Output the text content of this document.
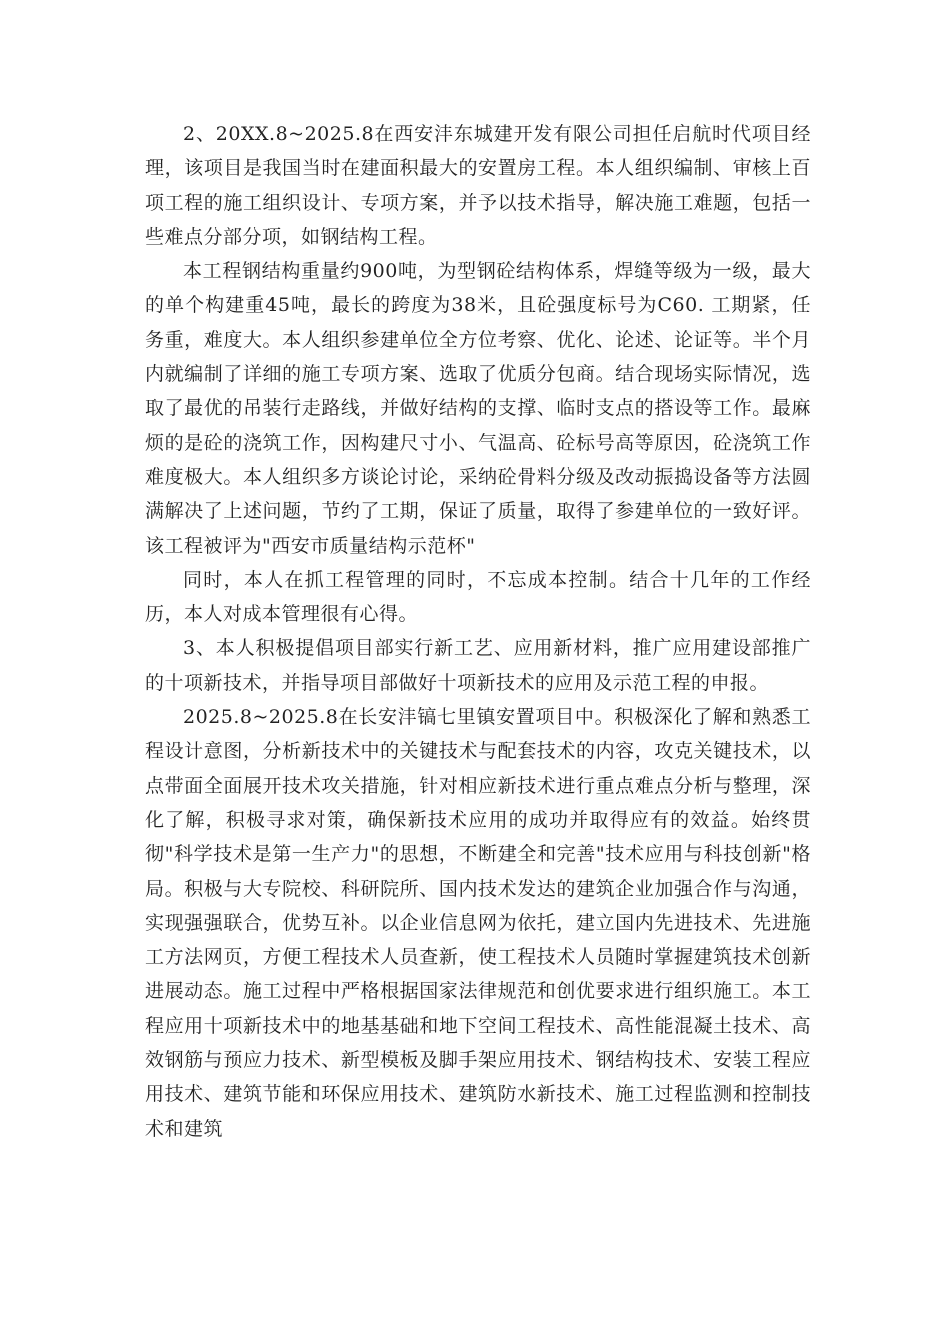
2、20XX.8~2025.8在西安沣东城建开发有限公司担任启航时代项目经理，该项目是我国当时在建面积最大的安置房工程。本人组织编制、审核上百项工程的施工组织设计、专项方案，并予以技术指导，解决施工难题，包括一些难点分部分项，如钢结构工程。

本工程钢结构重量约900吨，为型钢砼结构体系，焊缝等级为一级，最大的单个构建重45吨，最长的跨度为38米，且砼强度标号为C60. 工期紧，任务重，难度大。本人组织参建单位全方位考察、优化、论述、论证等。半个月内就编制了详细的施工专项方案、选取了优质分包商。结合现场实际情况，选取了最优的吊装行走路线，并做好结构的支撑、临时支点的搭设等工作。最麻烦的是砼的浇筑工作，因构建尺寸小、气温高、砼标号高等原因，砼浇筑工作难度极大。本人组织多方谈论讨论，采纳砼骨料分级及改动振捣设备等方法圆满解决了上述问题，节约了工期，保证了质量，取得了参建单位的一致好评。该工程被评为"西安市质量结构示范杯"

同时，本人在抓工程管理的同时，不忘成本控制。结合十几年的工作经历，本人对成本管理很有心得。

3、本人积极提倡项目部实行新工艺、应用新材料，推广应用建设部推广的十项新技术，并指导项目部做好十项新技术的应用及示范工程的申报。

2025.8~2025.8在长安沣镐七里镇安置项目中。积极深化了解和熟悉工程设计意图，分析新技术中的关键技术与配套技术的内容，攻克关键技术，以点带面全面展开技术攻关措施，针对相应新技术进行重点难点分析与整理，深化了解，积极寻求对策，确保新技术应用的成功并取得应有的效益。始终贯彻"科学技术是第一生产力"的思想，不断建全和完善"技术应用与科技创新"格局。积极与大专院校、科研院所、国内技术发达的建筑企业加强合作与沟通，实现强强联合，优势互补。以企业信息网为依托，建立国内先进技术、先进施工方法网页，方便工程技术人员查新，使工程技术人员随时掌握建筑技术创新进展动态。施工过程中严格根据国家法律规范和创优要求进行组织施工。本工程应用十项新技术中的地基基础和地下空间工程技术、高性能混凝土技术、高效钢筋与预应力技术、新型模板及脚手架应用技术、钢结构技术、安装工程应用技术、建筑节能和环保应用技术、建筑防水新技术、施工过程监测和控制技术和建筑
